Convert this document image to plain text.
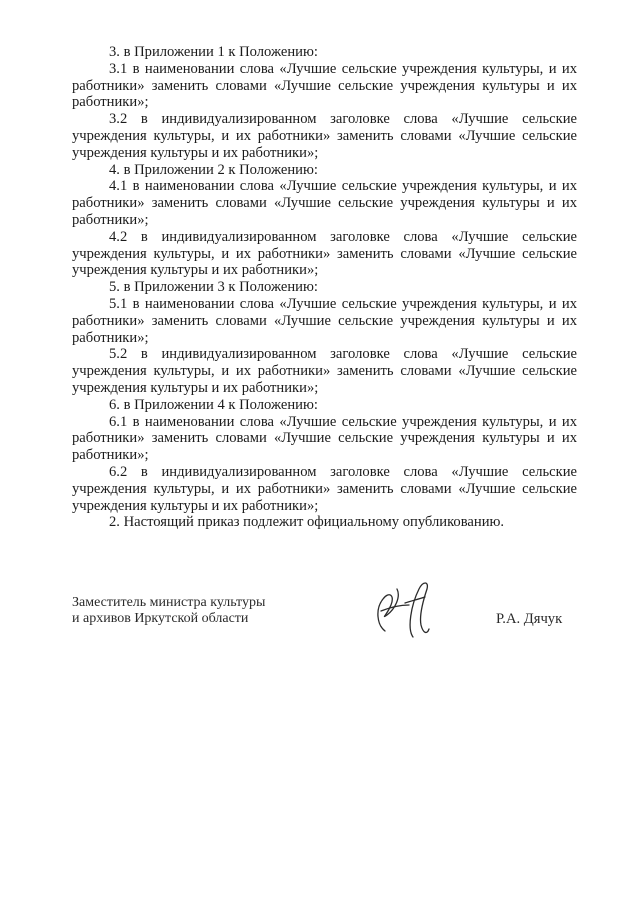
3. в Приложении 1 к Положению:

3.1 в наименовании слова «Лучшие сельские учреждения культуры, и их работники» заменить словами «Лучшие сельские учреждения культуры и их работники»;

3.2 в индивидуализированном заголовке слова «Лучшие сельские учреждения культуры, и их работники» заменить словами «Лучшие сельские учреждения культуры и их работники»;

4. в Приложении 2 к Положению:

4.1 в наименовании слова «Лучшие сельские учреждения культуры, и их работники» заменить словами «Лучшие сельские учреждения культуры и их работники»;

4.2 в индивидуализированном заголовке слова «Лучшие сельские учреждения культуры, и их работники» заменить словами «Лучшие сельские учреждения культуры и их работники»;

5. в Приложении 3 к Положению:

5.1 в наименовании слова «Лучшие сельские учреждения культуры, и их работники» заменить словами «Лучшие сельские учреждения культуры и их работники»;

5.2 в индивидуализированном заголовке слова «Лучшие сельские учреждения культуры, и их работники» заменить словами «Лучшие сельские учреждения культуры и их работники»;

6. в Приложении 4 к Положению:

6.1 в наименовании слова «Лучшие сельские учреждения культуры, и их работники» заменить словами «Лучшие сельские учреждения культуры и их работники»;

6.2 в индивидуализированном заголовке слова «Лучшие сельские учреждения культуры, и их работники» заменить словами «Лучшие сельские учреждения культуры и их работники»;

2. Настоящий приказ подлежит официальному опубликованию.

Заместитель министра культуры
и архивов Иркутской области	Р.А. Дячук
